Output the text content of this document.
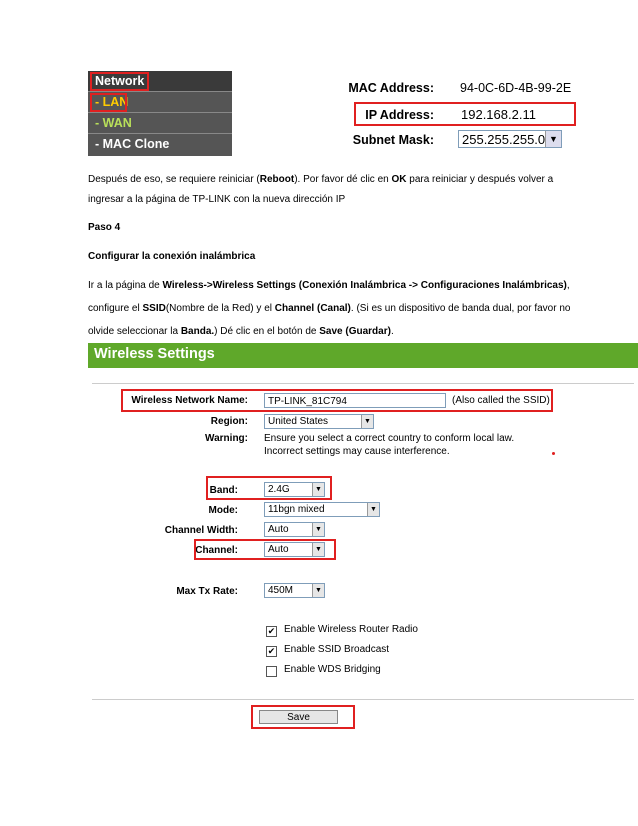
Network
- LAN
- WAN
- MAC Clone
MAC Address: 94-0C-6D-4B-99-2E
IP Address: 192.168.2.11
Subnet Mask:	255.255.255.0 ▼
Después de eso, se requiere reiniciar (Reboot). Por favor dé clic en OK para reiniciar y después volver a
ingresar a la página de TP-LINK con la nueva dirección IP
Paso 4
Configurar la conexión inalámbrica
Ir a la página de Wireless->Wireless Settings (Conexión Inalámbrica -> Configuraciones Inalámbricas),
configure el SSID(Nombre de la Red) y el Channel (Canal). (Si es un dispositivo de banda dual, por favor no
olvide seleccionar la Banda.) Dé clic en el botón de Save (Guardar).
Wireless Settings
Wireless Network Name:	TP-LINK_81C794	(Also called the SSID)
Region:	United States	▼
Warning: Ensure you select a correct country to conform local law.
Incorrect settings may cause interference.
Band:	2.4G	▼
Mode:	11bgn mixed	▼
Channel Width:	Auto	▼
Channel:	Auto	▼
Max Tx Rate:	450M	▼
✔ Enable Wireless Router Radio
✔ Enable SSID Broadcast
Enable WDS Bridging
Save
